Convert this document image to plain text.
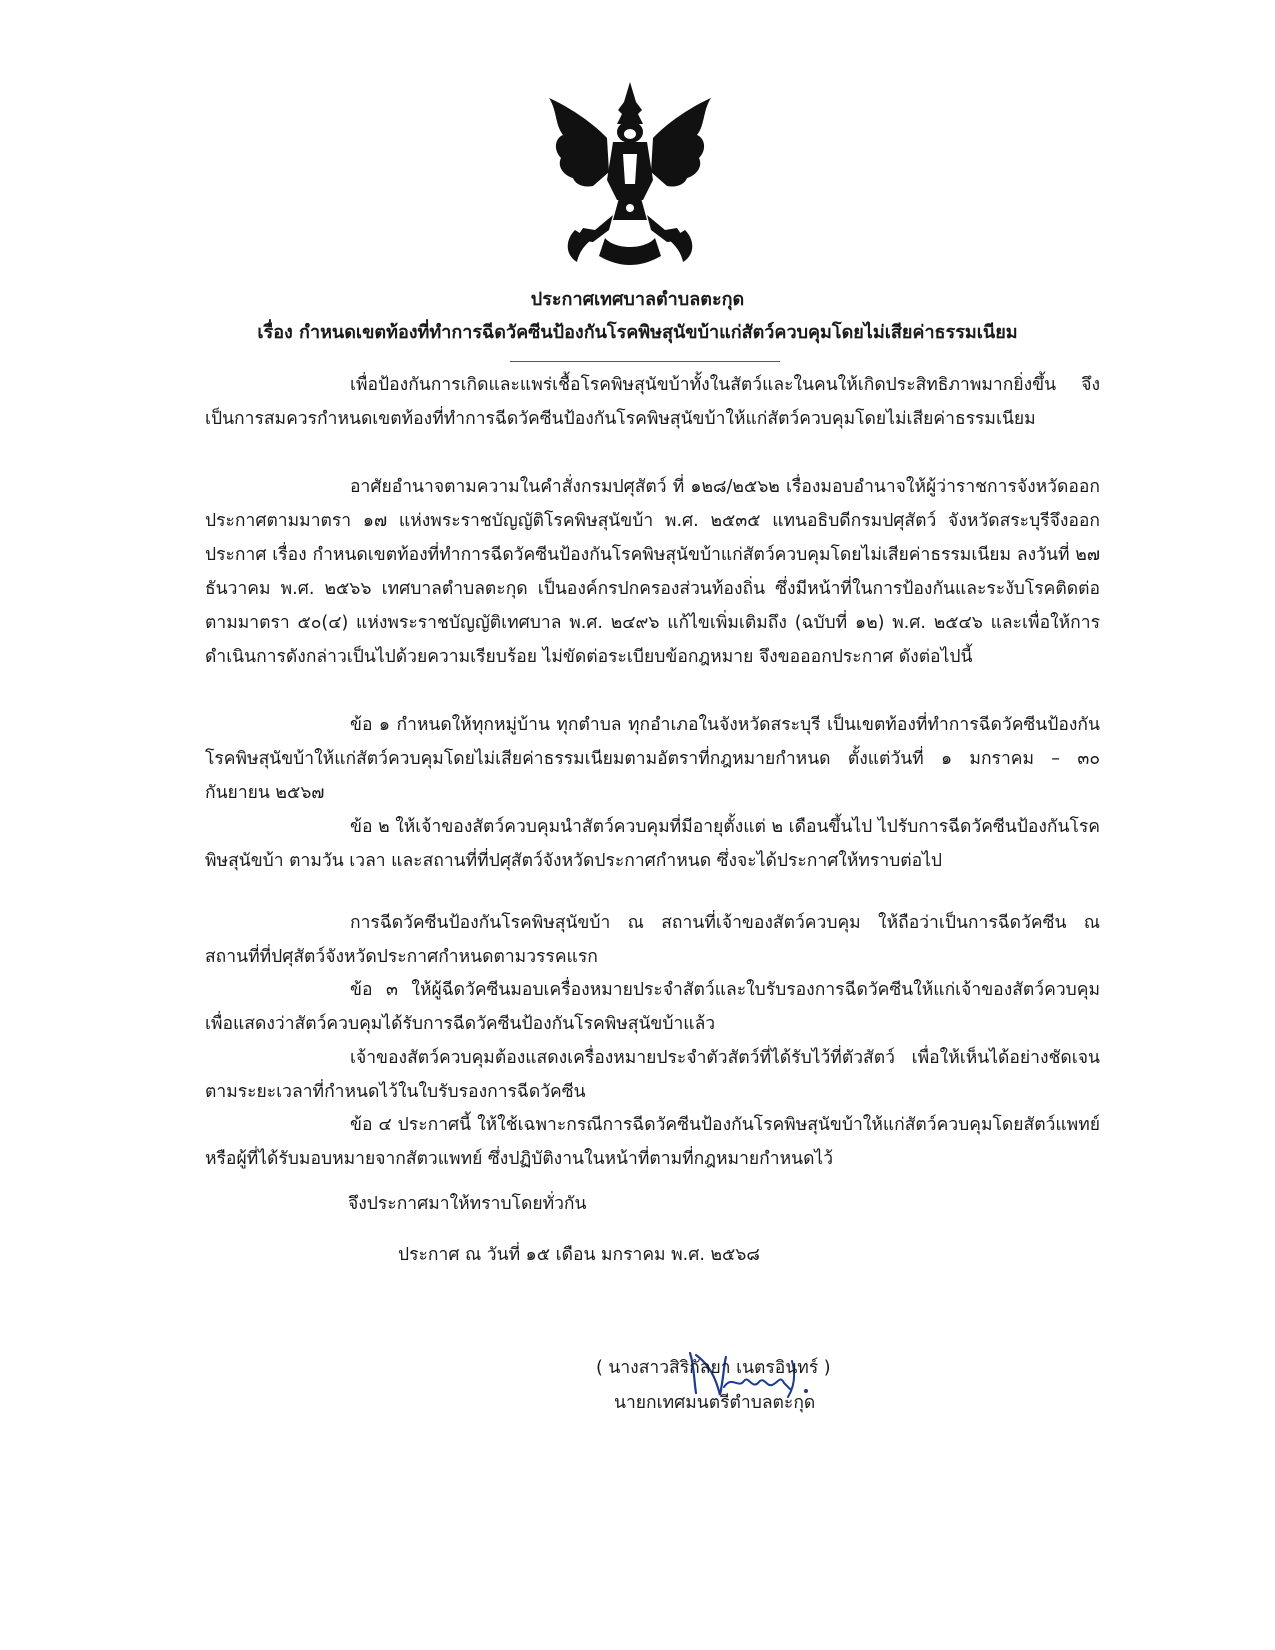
ประกาศเทศบาลตำบลตะกุด
เรื่อง กำหนดเขตท้องที่ทำการฉีดวัคซีนป้องกันโรคพิษสุนัขบ้าแก่สัตว์ควบคุมโดยไม่เสียค่าธรรมเนียม
เพื่อป้องกันการเกิดและแพร่เชื้อโรคพิษสุนัขบ้าทั้งในสัตว์และในคนให้เกิดประสิทธิภาพมากยิ่งขึ้น จึงเป็นการสมควรกำหนดเขตท้องที่ทำการฉีดวัคซีนป้องกันโรคพิษสุนัขบ้าให้แก่สัตว์ควบคุมโดยไม่เสียค่าธรรมเนียม
อาศัยอำนาจตามความในคำสั่งกรมปศุสัตว์ ที่ ๑๒๘/๒๕๖๒ เรื่องมอบอำนาจให้ผู้ว่าราชการจังหวัดออกประกาศตามมาตรา ๑๗ แห่งพระราชบัญญัติโรคพิษสุนัขบ้า พ.ศ. ๒๕๓๕ แทนอธิบดีกรมปศุสัตว์ จังหวัดสระบุรีจึงออกประกาศ เรื่อง กำหนดเขตท้องที่ทำการฉีดวัคซีนป้องกันโรคพิษสุนัขบ้าแก่สัตว์ควบคุมโดยไม่เสียค่าธรรมเนียม ลงวันที่ ๒๗ ธันวาคม พ.ศ. ๒๕๖๖ เทศบาลตำบลตะกุด เป็นองค์กรปกครองส่วนท้องถิ่น ซึ่งมีหน้าที่ในการป้องกันและระงับโรคติดต่อ ตามมาตรา ๕๐(๔) แห่งพระราชบัญญัติเทศบาล พ.ศ. ๒๔๙๖ แก้ไขเพิ่มเติมถึง (ฉบับที่ ๑๒) พ.ศ. ๒๕๔๖ และเพื่อให้การดำเนินการดังกล่าวเป็นไปด้วยความเรียบร้อย ไม่ขัดต่อระเบียบข้อกฎหมาย จึงขอออกประกาศ ดังต่อไปนี้
ข้อ ๑ กำหนดให้ทุกหมู่บ้าน ทุกตำบล ทุกอำเภอในจังหวัดสระบุรี เป็นเขตท้องที่ทำการฉีดวัคซีนป้องกันโรคพิษสุนัขบ้าให้แก่สัตว์ควบคุมโดยไม่เสียค่าธรรมเนียมตามอัตราที่กฎหมายกำหนด ตั้งแต่วันที่ ๑ มกราคม – ๓๐ กันยายน ๒๕๖๗
ข้อ ๒ ให้เจ้าของสัตว์ควบคุมนำสัตว์ควบคุมที่มีอายุตั้งแต่ ๒ เดือนขึ้นไป ไปรับการฉีดวัคซีนป้องกันโรคพิษสุนัขบ้า ตามวัน เวลา และสถานที่ที่ปศุสัตว์จังหวัดประกาศกำหนด ซึ่งจะได้ประกาศให้ทราบต่อไป
การฉีดวัคซีนป้องกันโรคพิษสุนัขบ้า ณ สถานที่เจ้าของสัตว์ควบคุม ให้ถือว่าเป็นการฉีดวัคซีน ณ สถานที่ที่ปศุสัตว์จังหวัดประกาศกำหนดตามวรรคแรก
ข้อ ๓ ให้ผู้ฉีดวัคซีนมอบเครื่องหมายประจำสัตว์และใบรับรองการฉีดวัคซีนให้แก่เจ้าของสัตว์ควบคุม เพื่อแสดงว่าสัตว์ควบคุมได้รับการฉีดวัคซีนป้องกันโรคพิษสุนัขบ้าแล้ว
เจ้าของสัตว์ควบคุมต้องแสดงเครื่องหมายประจำตัวสัตว์ที่ได้รับไว้ที่ตัวสัตว์ เพื่อให้เห็นได้อย่างชัดเจน ตามระยะเวลาที่กำหนดไว้ในใบรับรองการฉีดวัคซีน
ข้อ ๔ ประกาศนี้ ให้ใช้เฉพาะกรณีการฉีดวัคซีนป้องกันโรคพิษสุนัขบ้าให้แก่สัตว์ควบคุมโดยสัตว์แพทย์หรือผู้ที่ได้รับมอบหมายจากสัตวแพทย์ ซึ่งปฏิบัติงานในหน้าที่ตามที่กฎหมายกำหนดไว้
จึงประกาศมาให้ทราบโดยทั่วกัน
ประกาศ ณ วันที่ ๑๕ เดือน มกราคม พ.ศ. ๒๕๖๘
( นางสาวสิริกัลยา เนตรอินทร์ )
นายกเทศมนตรีตำบลตะกุด
